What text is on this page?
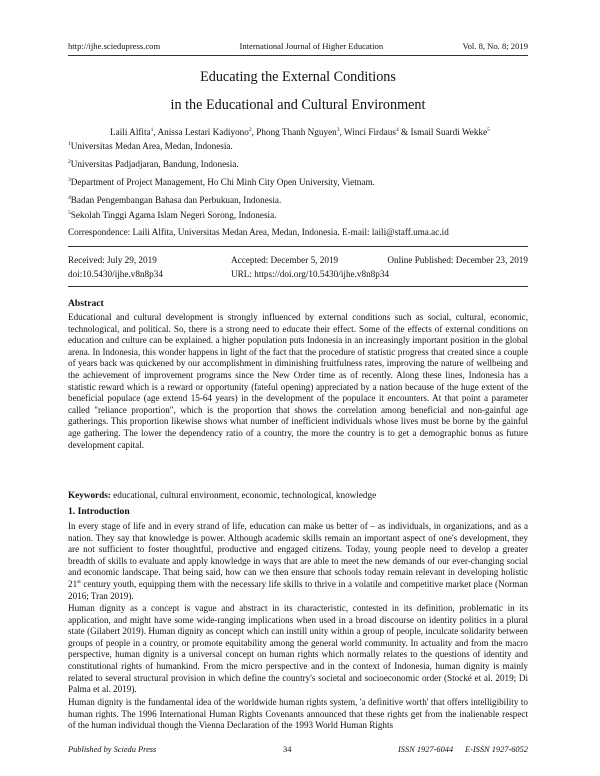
http://ijhe.sciedupress.com	International Journal of Higher Education	Vol. 8, No. 8; 2019
Educating the External Conditions
in the Educational and Cultural Environment
Laili Alfita$^1$, Anissa Lestari Kadiyono$^2$, Phong Thanh Nguyen$^3$, Winci Firdaus$^4$ & Ismail Suardi Wekke$^5$
$^1$Universitas Medan Area, Medan, Indonesia.
$^2$Universitas Padjadjaran, Bandung, Indonesia.
$^3$Department of Project Management, Ho Chi Minh City Open University, Vietnam.
$^4$Badan Pengembangan Bahasa dan Perbukuan, Indonesia.
$^5$Sekolah Tinggi Agama Islam Negeri Sorong, Indonesia.
Correspondence: Laili Alfita, Universitas Medan Area, Medan, Indonesia. E-mail: laili@staff.uma.ac.id
Received: July 29, 2019	Accepted: December 5, 2019	Online Published: December 23, 2019
doi:10.5430/ijhe.v8n8p34	URL: https://doi.org/10.5430/ijhe.v8n8p34
Abstract

Educational and cultural development is strongly influenced by external conditions such as social, cultural, economic, technological, and political. So, there is a strong need to educate their effect. Some of the effects of external conditions on education and culture can be explained. a higher population puts Indonesia in an increasingly important position in the global arena. In Indonesia, this wonder happens in light of the fact that the procedure of statistic progress that created since a couple of years back was quickened by our accomplishment in diminishing fruitfulness rates, improving the nature of wellbeing and the achievement of improvement programs since the New Order time as of recently. Along these lines, Indonesia has a statistic reward which is a reward or opportunity (fateful opening) appreciated by a nation because of the huge extent of the beneficial populace (age extend 15-64 years) in the development of the populace it encounters. At that point a parameter called "reliance proportion", which is the proportion that shows the correlation among beneficial and non-gainful age gatherings. This proportion likewise shows what number of inefficient individuals whose lives must be borne by the gainful age gathering. The lower the dependency ratio of a country, the more the country is to get a demographic bonus as future development capital.

Keywords: educational, cultural environment, economic, technological, knowledge
1. Introduction

In every stage of life and in every strand of life, education can make us better of – as individuals, in organizations, and as a nation. They say that knowledge is power. Although academic skills remain an important aspect of one's development, they are not sufficient to foster thoughtful, productive and engaged citizens. Today, young people need to develop a greater breadth of skills to evaluate and apply knowledge in ways that are able to meet the new demands of our ever-changing social and economic landscape. That being said, how can we then ensure that schools today remain relevant in developing holistic 21st century youth, equipping them with the necessary life skills to thrive in a volatile and competitive market place (Norman 2016; Tran 2019).

Human dignity as a concept is vague and abstract in its characteristic, contested in its definition, problematic in its application, and might have some wide-ranging implications when used in a broad discourse on identity politics in a plural state (Gilabert 2019). Human dignity as concept which can instill unity within a group of people, inculcate solidarity between groups of people in a country, or promote equitability among the general world community. In actuality and from the macro perspective, human dignity is a universal concept on human rights which normally relates to the questions of identity and constitutional rights of humankind. From the micro perspective and in the context of Indonesia, human dignity is mainly related to several structural provision in which define the country's societal and socioeconomic order (Stocké et al. 2019; Di Palma et al. 2019).

Human dignity is the fundamental idea of the worldwide human rights system, 'a definitive worth' that offers intelligibility to human rights. The 1996 International Human Rights Covenants announced that these rights get from the inalienable respect of the human individual though the Vienna Declaration of the 1993 World Human Rights

Published by Sciedu Press	34	ISSN 1927-6044 E-ISSN 1927-6052
